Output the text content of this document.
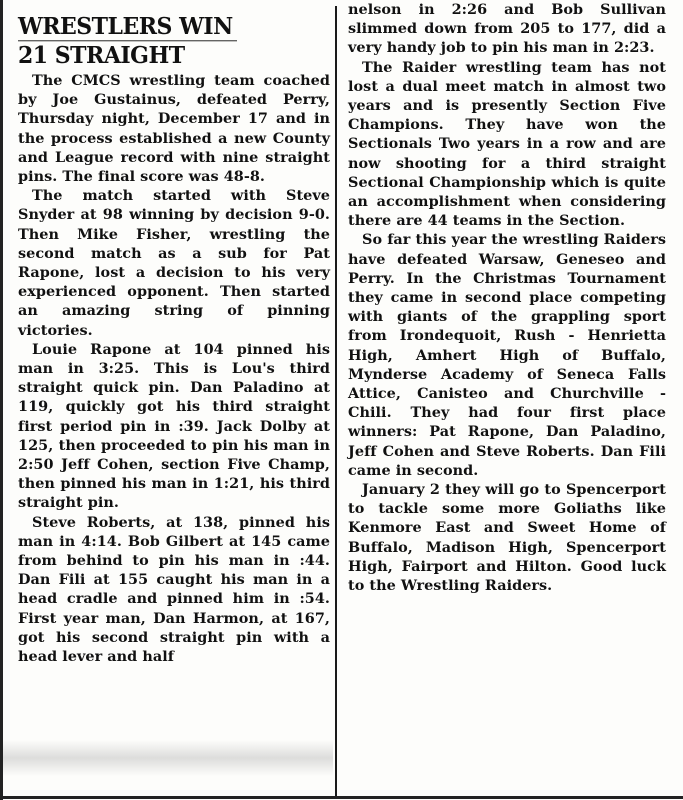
WRESTLERS WIN
21 STRAIGHT

The CMCS wrestling team coached by Joe Gustainus, defeated Perry, Thursday night, December 17 and in the process established a new County and League record with nine straight pins. The final score was 48-8.

The match started with Steve Snyder at 98 winning by decision 9-0. Then Mike Fisher, wrestling the second match as a sub for Pat Rapone, lost a decision to his very experienced opponent. Then started an amazing string of pinning victories.

Louie Rapone at 104 pinned his man in 3:25. This is Lou's third straight quick pin. Dan Paladino at 119, quickly got his third straight first period pin in :39. Jack Dolby at 125, then proceeded to pin his man in 2:50 Jeff Cohen, section Five Champ, then pinned his man in 1:21, his third straight pin.

Steve Roberts, at 138, pinned his man in 4:14. Bob Gilbert at 145 came from behind to pin his man in :44. Dan Fili at 155 caught his man in a head cradle and pinned him in :54. First year man, Dan Harmon, at 167, got his second straight pin with a head lever and half

nelson in 2:26 and Bob Sullivan slimmed down from 205 to 177, did a very handy job to pin his man in 2:23.

The Raider wrestling team has not lost a dual meet match in almost two years and is presently Section Five Champions. They have won the Sectionals Two years in a row and are now shooting for a third straight Sectional Championship which is quite an accomplishment when considering there are 44 teams in the Section.

So far this year the wrestling Raiders have defeated Warsaw, Geneseo and Perry. In the Christmas Tournament they came in second place competing with giants of the grappling sport from Irondequoit, Rush - Henrietta High, Amhert High of Buffalo, Mynderse Academy of Seneca Falls Attice, Canisteo and Churchville - Chili. They had four first place winners: Pat Rapone, Dan Paladino, Jeff Cohen and Steve Roberts. Dan Fili came in second.

January 2 they will go to Spencerport to tackle some more Goliaths like Kenmore East and Sweet Home of Buffalo, Madison High, Spencerport High, Fairport and Hilton. Good luck to the Wrestling Raiders.
